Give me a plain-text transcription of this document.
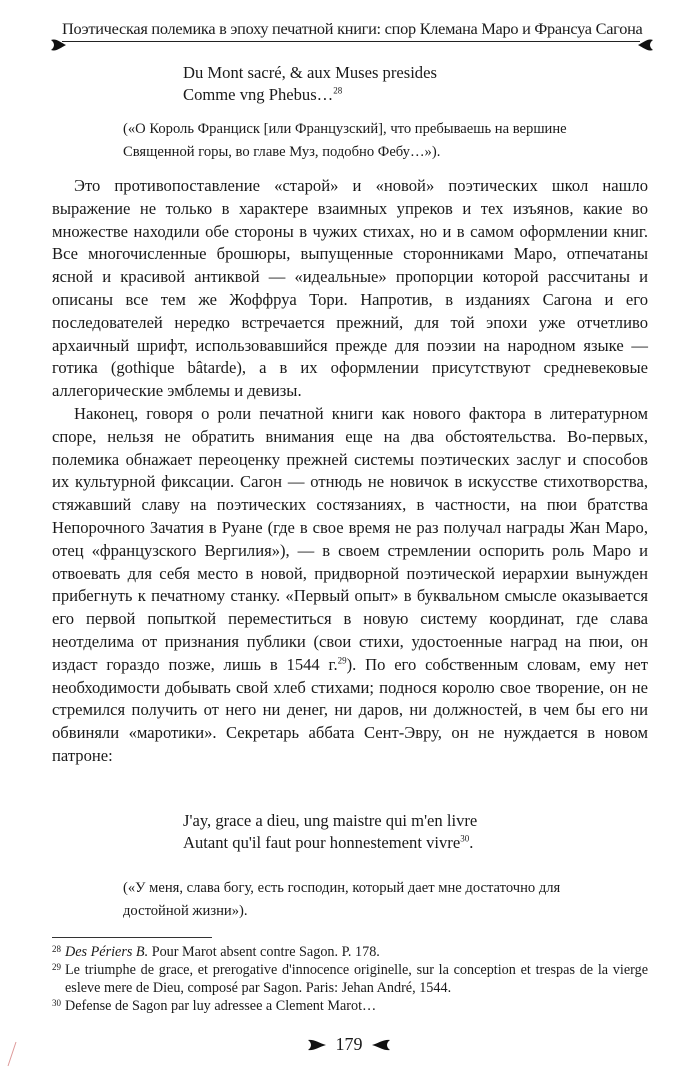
Поэтическая полемика в эпоху печатной книги: спор Клемана Маро и Франсуа Сагона
Du Mont sacré, & aux Muses presides
Comme vng Phebus…$^{28}$
(«О Король Франциск [или Французский], что пребываешь на вершине
Священной горы, во главе Муз, подобно Фебу…»).

Это противопоставление «старой» и «новой» поэтических школ нашло выражение не только в характере взаимных упреков и тех изъянов, какие во множестве находили обе стороны в чужих стихах, но и в самом оформлении книг. Все многочисленные брошюры, выпущенные сторонниками Маро, отпечатаны ясной и красивой антиквой — «идеальные» пропорции которой рассчитаны и описаны все тем же Жоффруа Тори. Напротив, в изданиях Сагона и его последователей нередко встречается прежний, для той эпохи уже отчетливо архаичный шрифт, использовавшийся прежде для поэзии на народном языке — готика (gothique bâtarde), а в их оформлении присутствуют средневековые аллегорические эмблемы и девизы.

Наконец, говоря о роли печатной книги как нового фактора в литературном споре, нельзя не обратить внимания еще на два обстоятельства. Во-первых, полемика обнажает переоценку прежней системы поэтических заслуг и способов их культурной фиксации. Сагон — отнюдь не новичок в искусстве стихотворства, стяжавший славу на поэтических состязаниях, в частности, на пюи братства Непорочного Зачатия в Руане (где в свое время не раз получал награды Жан Маро, отец «французского Вергилия»), — в своем стремлении оспорить роль Маро и отвоевать для себя место в новой, придворной поэтической иерархии вынужден прибегнуть к печатному станку. «Первый опыт» в буквальном смысле оказывается его первой попыткой переместиться в новую систему координат, где слава неотделима от признания публики (свои стихи, удостоенные наград на пюи, он издаст гораздо позже, лишь в 1544 г.$^{29}$). По его собственным словам, ему нет необходимости добывать свой хлеб стихами; поднося королю свое творение, он не стремился получить от него ни денег, ни даров, ни должностей, в чем бы его ни обвиняли «маротики». Секретарь аббата Сент-Эвру, он не нуждается в новом патроне:

J'ay, grace a dieu, ung maistre qui m'en livre
Autant qu'il faut pour honnestement vivre$^{30}$.
(«У меня, слава богу, есть господин, который дает мне достаточно для
достойной жизни»).

28 Des Périers B. Pour Marot absent contre Sagon. P. 178.

29 Le triumphe de grace, et prerogative d'innocence originelle, sur la conception et trespas de la vierge esleve mere de Dieu, composé par Sagon. Paris: Jehan André, 1544.

30 Defense de Sagon par luy adressee a Clement Marot…

179
